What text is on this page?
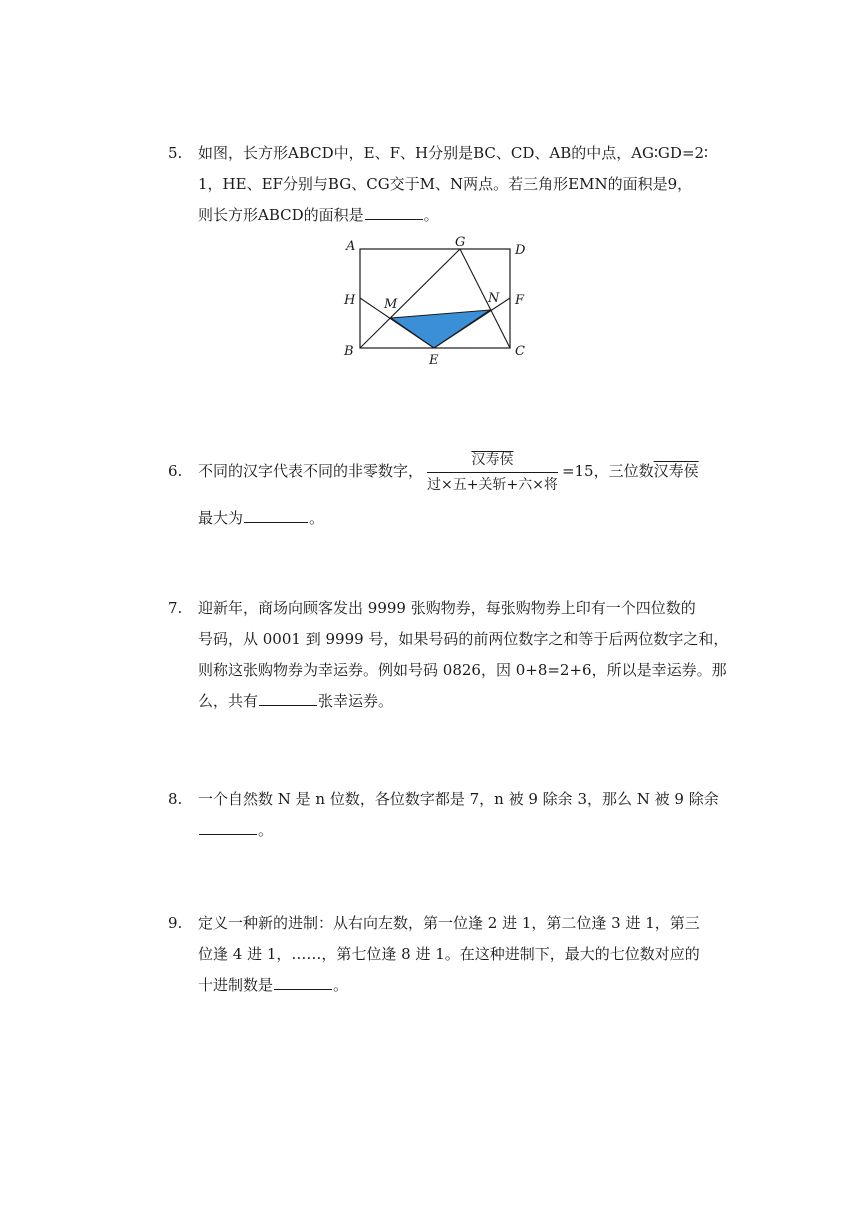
5.	如图，长方形ABCD中，E、F、H分别是BC、CD、AB的中点，AG∶GD=2∶
1，HE、EF分别与BG、CG交于M、N两点。若三角形EMN的面积是9，
则长方形ABCD的面积是	。
A	G
D
H M	N F
B
E
C
6.	不同的汉字代表不同的非零数字， $\frac{\text{汉寿侯}}{\text{过×五+关斩+六×将}} =15$，三位数汉寿侯
最大为	。
7.	迎新年，商场向顾客发出 9999 张购物券，每张购物券上印有一个四位数的
号码，从 0001 到 9999 号，如果号码的前两位数字之和等于后两位数字之和，
则称这张购物券为幸运券。例如号码 0826，因 0+8=2+6，所以是幸运券。那
么，共有	张幸运券。
8.	一个自然数 N 是 n 位数，各位数字都是 7，n 被 9 除余 3，那么 N 被 9 除余
。
9.	定义一种新的进制：从右向左数，第一位逢 2 进 1，第二位逢 3 进 1，第三
位逢 4 进 1，……，第七位逢 8 进 1。在这种进制下，最大的七位数对应的
十进制数是	。
